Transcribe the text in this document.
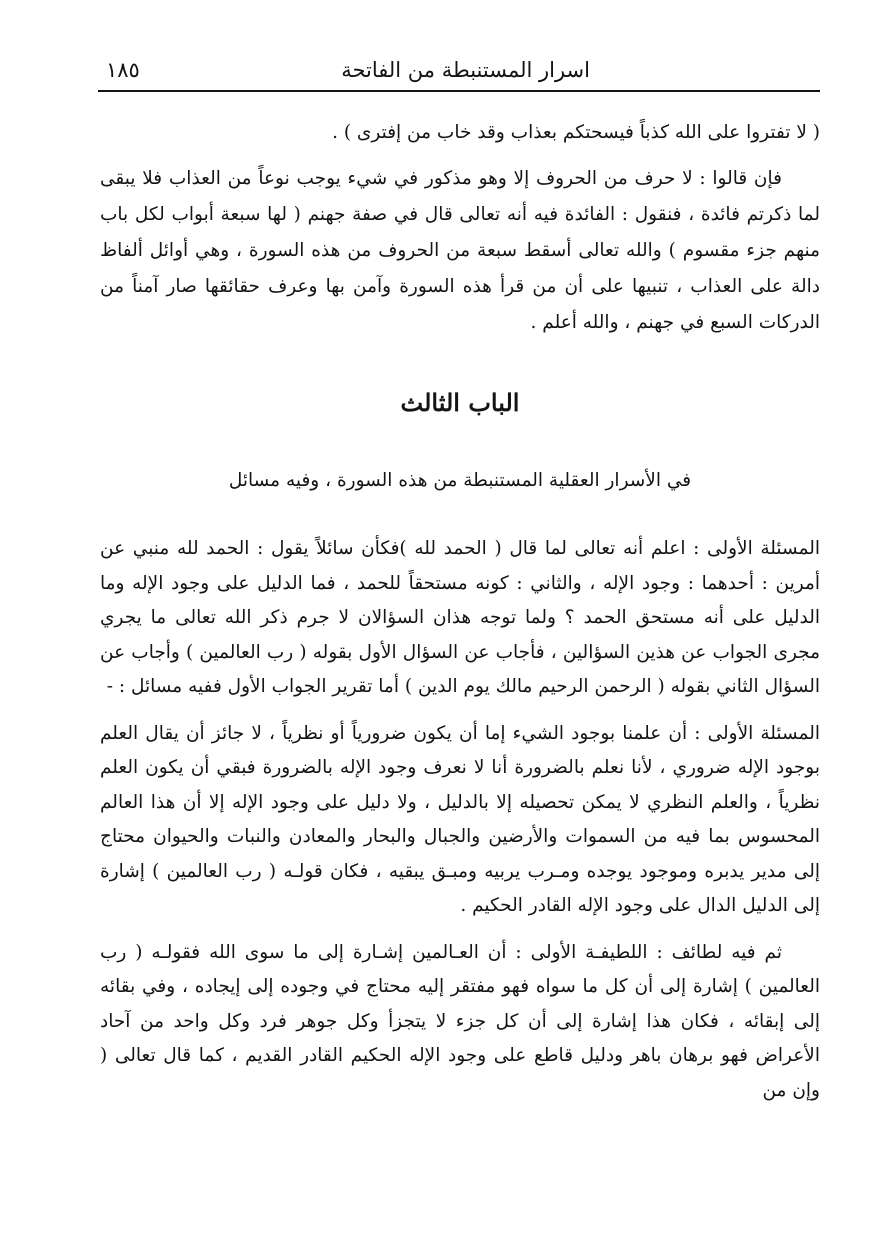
اسرار المستنبطة من الفاتحة
١٨٥

( لا تفتروا على الله كذباً فيسحتكم بعذاب وقد خاب من إفترى ) .

فإن قالوا : لا حرف من الحروف إلا وهو مذكور في شيء يوجب نوعاً من العذاب فلا يبقى لما ذكرتم فائدة ، فنقول : الفائدة فيه أنه تعالى قال في صفة جهنم ( لها سبعة أبواب لكل باب منهم جزء مقسوم ) والله تعالى أسقط سبعة من الحروف من هذه السورة ، وهي أوائل ألفاظ دالة على العذاب ، تنبيها على أن من قرأ هذه السورة وآمن بها وعرف حقائقها صار آمناً من الدركات السبع في جهنم ، والله أعلم .

الباب الثالث
في الأسرار العقلية المستنبطة من هذه السورة ، وفيه مسائل

المسئلة الأولى : اعلم أنه تعالى لما قال ( الحمد لله )فكأن سائلاً يقول : الحمد لله منبي عن أمرين : أحدهما : وجود الإله ، والثاني : كونه مستحقاً للحمد ، فما الدليل على وجود الإله وما الدليل على أنه مستحق الحمد ؟ ولما توجه هذان السؤالان لا جرم ذكر الله تعالى ما يجري مجرى الجواب عن هذين السؤالين ، فأجاب عن السؤال الأول بقوله ( رب العالمين ) وأجاب عن السؤال الثاني بقوله ( الرحمن الرحيم مالك يوم الدين ) أما تقرير الجواب الأول ففيه مسائل : -

المسئلة الأولى : أن علمنا بوجود الشيء إما أن يكون ضرورياً أو نظرياً ، لا جائز أن يقال العلم بوجود الإله ضروري ، لأنا نعلم بالضرورة أنا لا نعرف وجود الإله بالضرورة فبقي أن يكون العلم نظرياً ، والعلم النظري لا يمكن تحصيله إلا بالدليل ، ولا دليل على وجود الإله إلا أن هذا العالم المحسوس بما فيه من السموات والأرضين والجبال والبحار والمعادن والنبات والحيوان محتاج إلى مدير يدبره وموجود يوجده ومـرب يربيه ومبـق يبقيه ، فكان قولـه ( رب العالمين ) إشارة إلى الدليل الدال على وجود الإله القادر الحكيم .

ثم فيه لطائف : اللطيفـة الأولى : أن العـالمين إشـارة إلى ما سوى الله فقولـه ( رب العالمين ) إشارة إلى أن كل ما سواه فهو مفتقر إليه محتاج في وجوده إلى إيجاده ، وفي بقائه إلى إبقائه ، فكان هذا إشارة إلى أن كل جزء لا يتجزأ وكل جوهر فرد وكل واحد من آحاد الأعراض فهو برهان باهر ودليل قاطع على وجود الإله الحكيم القادر القديم ، كما قال تعالى ( وإن من
